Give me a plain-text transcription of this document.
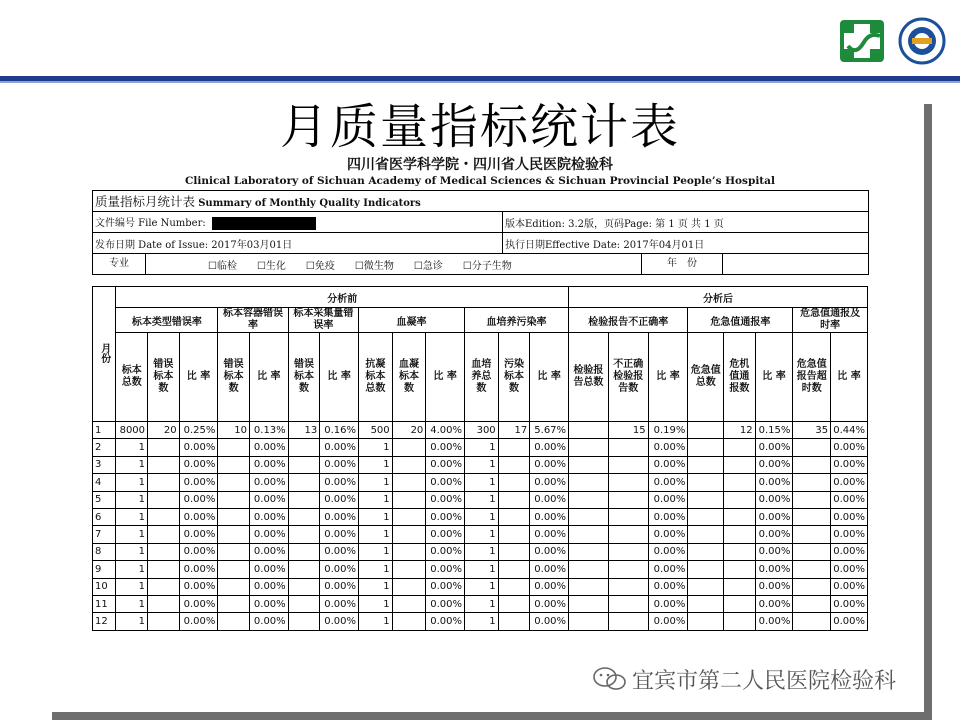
月质量指标统计表
四川省医学科学院・四川省人民医院检验科
Clinical Laboratory of Sichuan Academy of Medical Sciences & Sichuan Provincial People’s Hospital
质量指标月统计表 Summary of Monthly Quality Indicators	
文件编号 File Number:	版本Edition: 3.2版，页码Page: 第 1 页 共 1 页
发布日期 Date of Issue: 2017年03月01日	执行日期Effective Date: 2017年04月01日

专业 ☐临检　　☐生化　　☐免疫　　☐微生物　　☐急诊　　☐分子生物 年　份	
月份	分析前													分析后							
	标本类型错误率			标本容器错误率		标本采集量错误率		血凝率			血培养污染率			检验报告不正确率			危急值通报率			危急值通报及时率	
	标本总数	错误标本数	比 率	错误标本数	比 率	错误标本数	比 率	抗凝标本总数	血凝标本数	比 率	血培养总数	污染标本数	比 率	检验报告总数	不正确检验报告数	比 率	危急值总数	危机值通报数	比 率	危急值报告超时数	比 率
1	8000	20	0.25%	10	0.13%	13	0.16%	500	20	4.00%	300	17	5.67%		15	0.19%		12	0.15%	35	0.44%
2	1		0.00%		0.00%		0.00%	1		0.00%	1		0.00%			0.00%			0.00%		0.00%
3	1		0.00%		0.00%		0.00%	1		0.00%	1		0.00%			0.00%			0.00%		0.00%
4	1		0.00%		0.00%		0.00%	1		0.00%	1		0.00%			0.00%			0.00%		0.00%
5	1		0.00%		0.00%		0.00%	1		0.00%	1		0.00%			0.00%			0.00%		0.00%
6	1		0.00%		0.00%		0.00%	1		0.00%	1		0.00%			0.00%			0.00%		0.00%
7	1		0.00%		0.00%		0.00%	1		0.00%	1		0.00%			0.00%			0.00%		0.00%
8	1		0.00%		0.00%		0.00%	1		0.00%	1		0.00%			0.00%			0.00%		0.00%
9	1		0.00%		0.00%		0.00%	1		0.00%	1		0.00%			0.00%			0.00%		0.00%
10	1		0.00%		0.00%		0.00%	1		0.00%	1		0.00%			0.00%			0.00%		0.00%
11	1		0.00%		0.00%		0.00%	1		0.00%	1		0.00%			0.00%			0.00%		0.00%
12	1		0.00%		0.00%		0.00%	1		0.00%	1		0.00%			0.00%			0.00%		0.00%
宜宾市第二人民医院检验科
